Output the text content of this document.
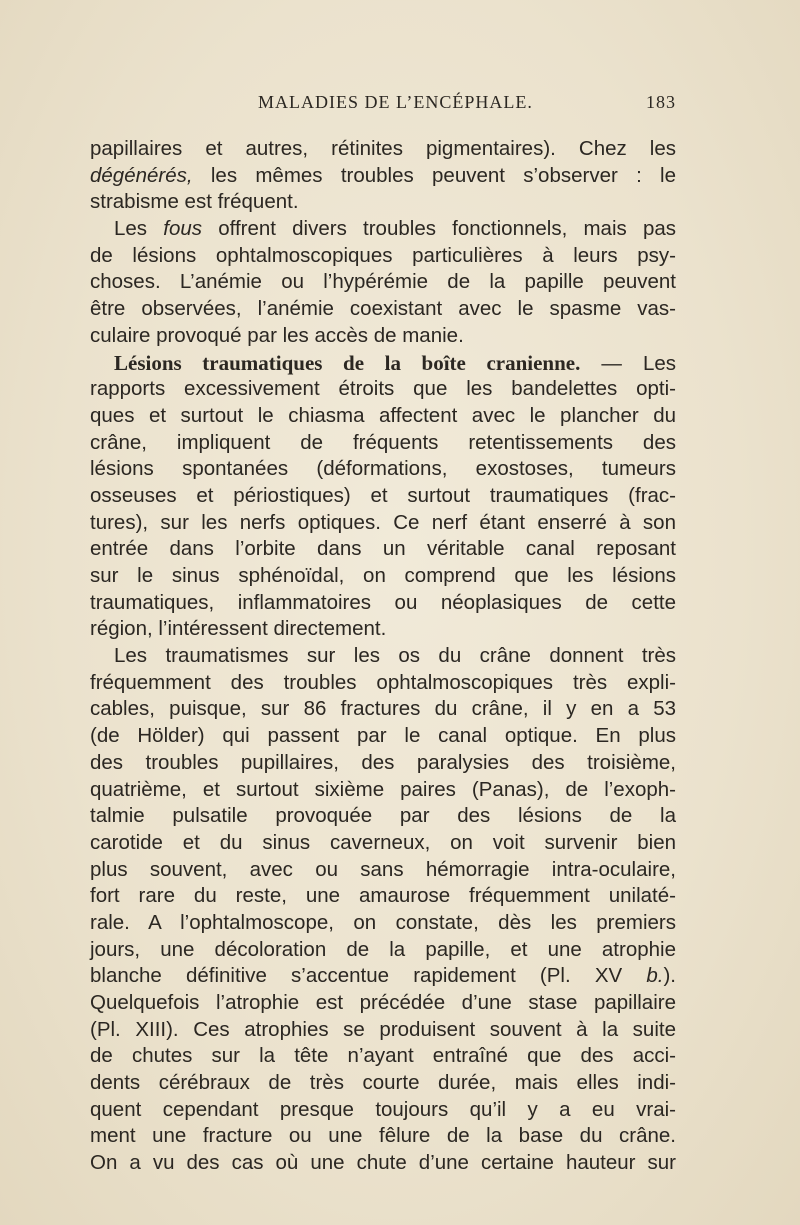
MALADIES DE L’ENCÉPHALE.	183
papillaires et autres, rétinites pigmentaires). Chez les
dégénérés, les mêmes troubles peuvent s’observer : le
strabisme est fréquent.
Les fous offrent divers troubles fonctionnels, mais pas
de lésions ophtalmoscopiques particulières à leurs psy-
choses. L’anémie ou l’hypérémie de la papille peuvent
être observées, l’anémie coexistant avec le spasme vas-
culaire provoqué par les accès de manie.
Lésions traumatiques de la boîte cranienne. — Les
rapports excessivement étroits que les bandelettes opti-
ques et surtout le chiasma affectent avec le plancher du
crâne, impliquent de fréquents retentissements des
lésions spontanées (déformations, exostoses, tumeurs
osseuses et périostiques) et surtout traumatiques (frac-
tures), sur les nerfs optiques. Ce nerf étant enserré à son
entrée dans l’orbite dans un véritable canal reposant
sur le sinus sphénoïdal, on comprend que les lésions
traumatiques, inflammatoires ou néoplasiques de cette
région, l’intéressent directement.
Les traumatismes sur les os du crâne donnent très
fréquemment des troubles ophtalmoscopiques très expli-
cables, puisque, sur 86 fractures du crâne, il y en a 53
(de Hölder) qui passent par le canal optique. En plus
des troubles pupillaires, des paralysies des troisième,
quatrième, et surtout sixième paires (Panas), de l’exoph-
talmie pulsatile provoquée par des lésions de la
carotide et du sinus caverneux, on voit survenir bien
plus souvent, avec ou sans hémorragie intra-oculaire,
fort rare du reste, une amaurose fréquemment unilaté-
rale. A l’ophtalmoscope, on constate, dès les premiers
jours, une décoloration de la papille, et une atrophie
blanche définitive s’accentue rapidement (Pl. XV b.).
Quelquefois l’atrophie est précédée d’une stase papillaire
(Pl. XIII). Ces atrophies se produisent souvent à la suite
de chutes sur la tête n’ayant entraîné que des acci-
dents cérébraux de très courte durée, mais elles indi-
quent cependant presque toujours qu’il y a eu vrai-
ment une fracture ou une fêlure de la base du crâne.
On a vu des cas où une chute d’une certaine hauteur sur
